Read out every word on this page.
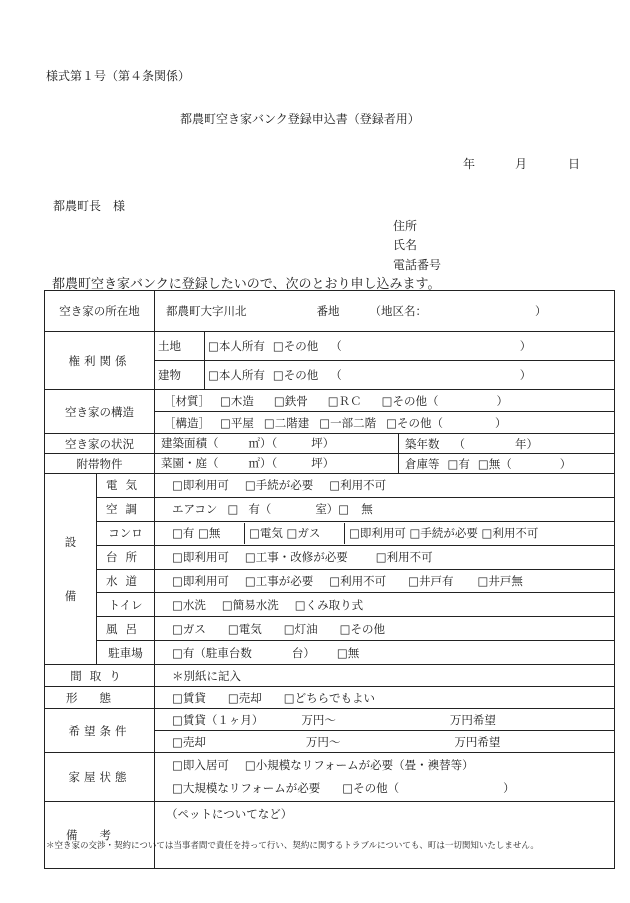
様式第１号（第４条関係）
都農町空き家バンク登録申込書（登録者用）
年	月	日
都農町長　様
住所
氏名
電話番号
都農町空き家バンクに登録したいので、次のとおり申し込みます。
空き家の所在地		都農町大字川北 番地 （地区名： ）	
権利関係		土地	□本人所有 □その他 （ ）
		建物	□本人所有 □その他 （ ）
空き家の構造		［材質］ □木造 □鉄骨 □ＲＣ □その他（ ）	
		［構造］ □平屋 □二階建 □一部二階 □その他（ ）	
空き家の状況		建築面積（ ㎡）（ 坪） 築年数 （ 年）	

附帯物件		菜園・庭（ ㎡）（ 坪） 倉庫等 □有 □無（ ）	

設
備	電気	□即利用可 □手続が必要 □利用不可	
	空調	エアコン □ 有（ 室）□ 無	
	コンロ	□有 □無 □電気 □ガス □即利用可 □手続が必要 □利用不可	

	台所	□即利用可 □工事・改修が必要 □利用不可	
	水道	□即利用可 □工事が必要 □利用不可 □井戸有 □井戸無	
	トイレ	□水洗 □簡易水洗 □くみ取り式	
	風呂	□ガス □電気 □灯油 □その他	
	駐車場	□有（駐車台数 台） □無	
間取り		＊別紙に記入	
形態		□賃貸 □売却 □どちらでもよい	
希望条件		□賃貸（１ヶ月） 万円～ 万円希望	
		□売却 万円～ 万円希望	
家屋状態		□即入居可 □小規模なリフォームが必要（畳・襖替等）
□大規模なリフォームが必要 □その他（ ）	

備考		（ペットについてなど）	
＊空き家の交渉・契約については当事者間で責任を持って行い、契約に関するトラブルについても、町は一切関知いたしません。
